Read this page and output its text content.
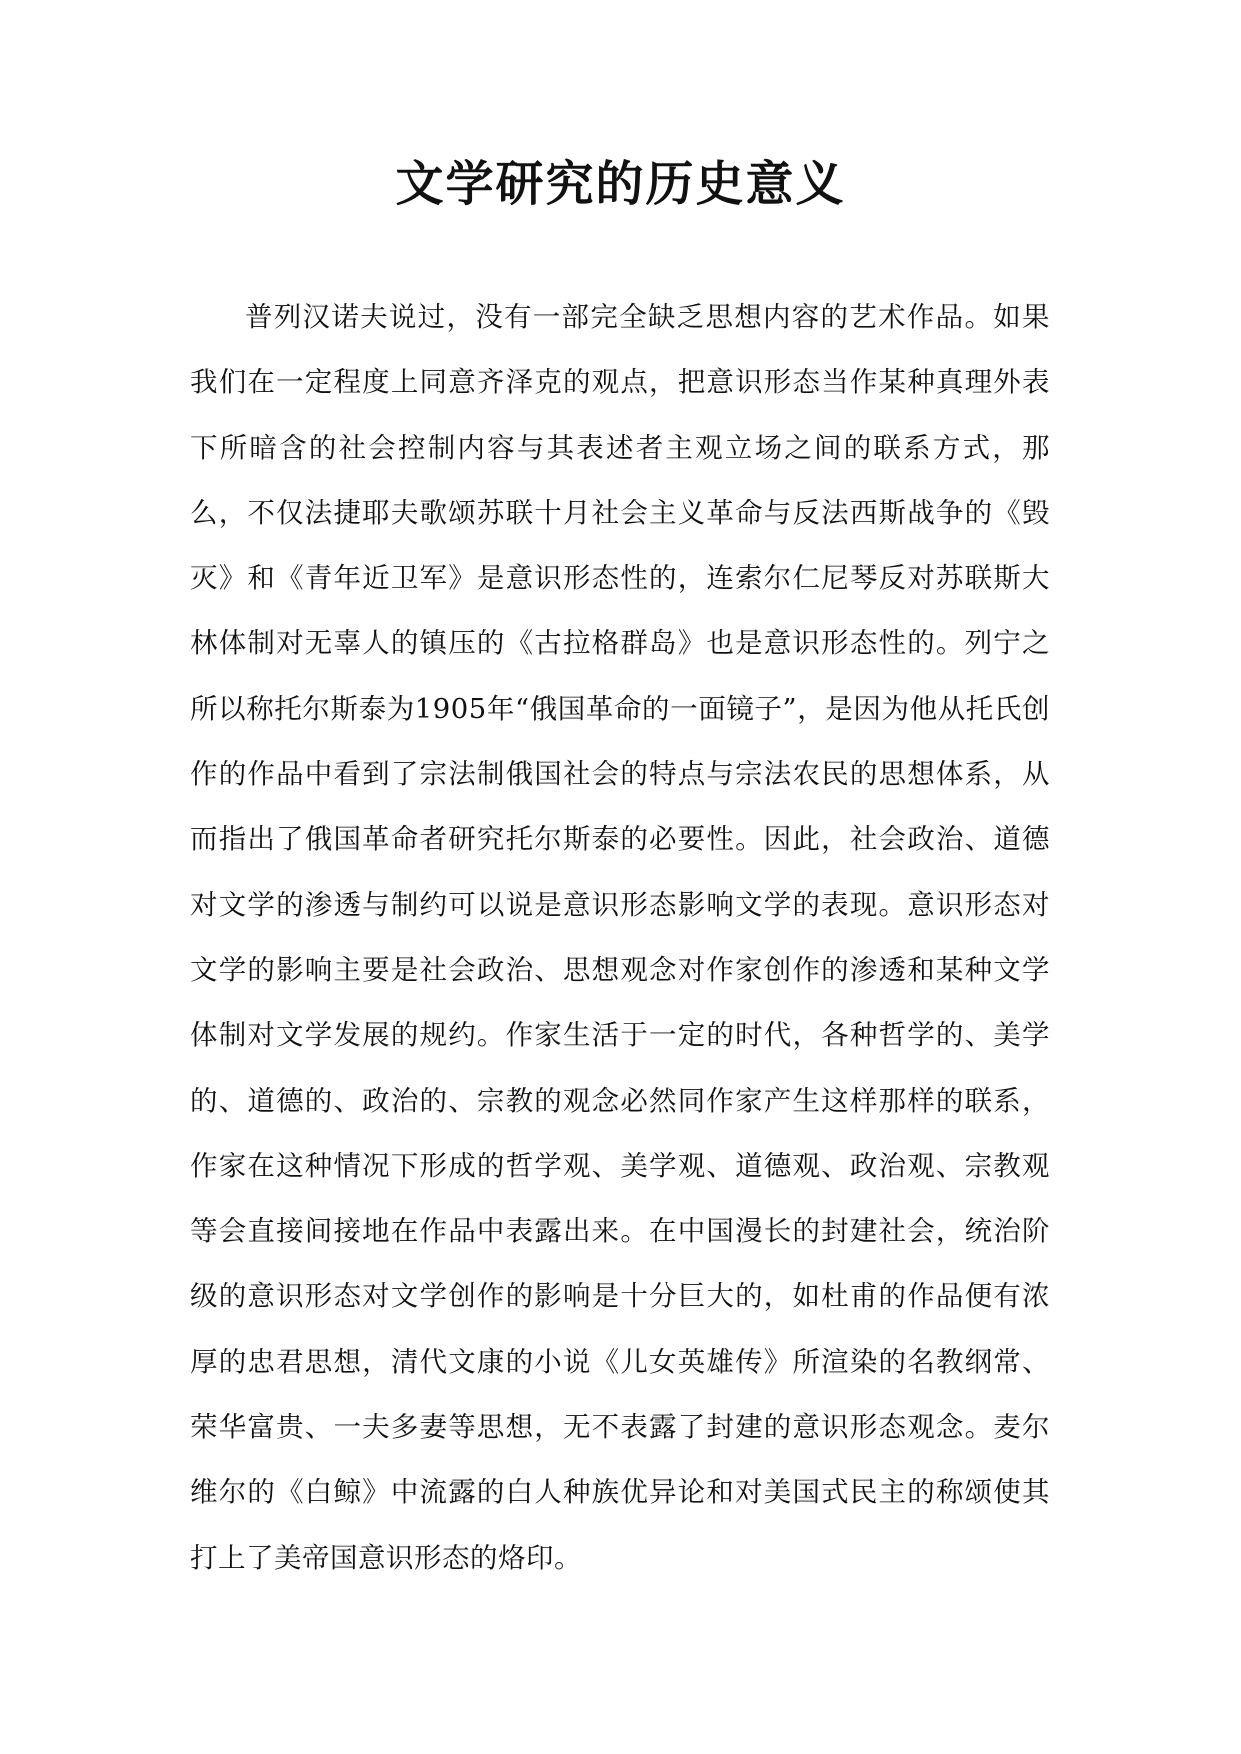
文学研究的历史意义

普列汉诺夫说过，没有一部完全缺乏思想内容的艺术作品。如果我们在一定程度上同意齐泽克的观点，把意识形态当作某种真理外表下所暗含的社会控制内容与其表述者主观立场之间的联系方式，那么，不仅法捷耶夫歌颂苏联十月社会主义革命与反法西斯战争的《毁灭》和《青年近卫军》是意识形态性的，连索尔仁尼琴反对苏联斯大林体制对无辜人的镇压的《古拉格群岛》也是意识形态性的。列宁之所以称托尔斯泰为1905年“俄国革命的一面镜子”，是因为他从托氏创作的作品中看到了宗法制俄国社会的特点与宗法农民的思想体系，从而指出了俄国革命者研究托尔斯泰的必要性。因此，社会政治、道德对文学的渗透与制约可以说是意识形态影响文学的表现。意识形态对文学的影响主要是社会政治、思想观念对作家创作的渗透和某种文学体制对文学发展的规约。作家生活于一定的时代，各种哲学的、美学的、道德的、政治的、宗教的观念必然同作家产生这样那样的联系，作家在这种情况下形成的哲学观、美学观、道德观、政治观、宗教观等会直接间接地在作品中表露出来。在中国漫长的封建社会，统治阶级的意识形态对文学创作的影响是十分巨大的，如杜甫的作品便有浓厚的忠君思想，清代文康的小说《儿女英雄传》所渲染的名教纲常、荣华富贵、一夫多妻等思想，无不表露了封建的意识形态观念。麦尔维尔的《白鲸》中流露的白人种族优异论和对美国式民主的称颂使其打上了美帝国意识形态的烙印。
